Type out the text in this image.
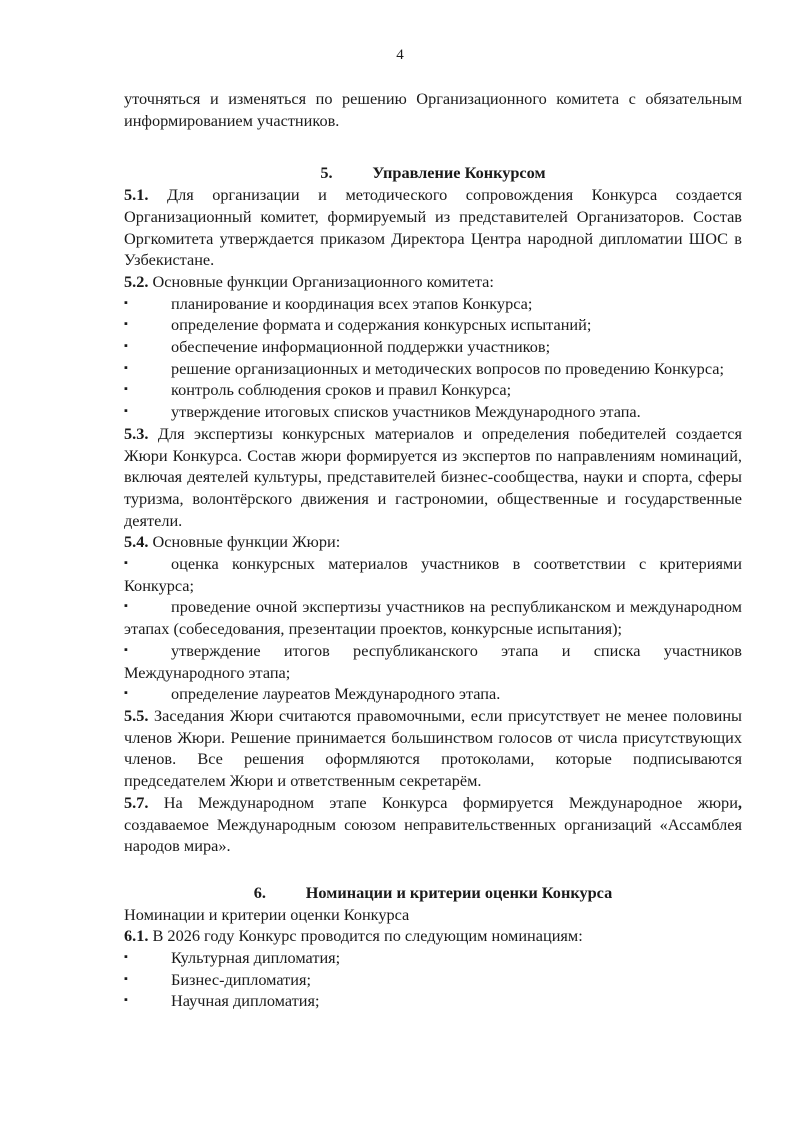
4

уточняться и изменяться по решению Организационного комитета с обязательным информированием участников.

5. Управление Конкурсом

5.1. Для организации и методического сопровождения Конкурса создается Организационный комитет, формируемый из представителей Организаторов. Состав Оргкомитета утверждается приказом Директора Центра народной дипломатии ШОС в Узбекистане.

5.2. Основные функции Организационного комитета:

▪	планирование и координация всех этапов Конкурса;

▪	определение формата и содержания конкурсных испытаний;

▪	обеспечение информационной поддержки участников;

▪	решение организационных и методических вопросов по проведению Конкурса;

▪	контроль соблюдения сроков и правил Конкурса;

▪	утверждение итоговых списков участников Международного этапа.

5.3. Для экспертизы конкурсных материалов и определения победителей создается Жюри Конкурса. Состав жюри формируется из экспертов по направлениям номинаций, включая деятелей культуры, представителей бизнес-сообщества, науки и спорта, сферы туризма, волонтёрского движения и гастрономии, общественные и государственные деятели.

5.4. Основные функции Жюри:

▪	оценка конкурсных материалов участников в соответствии с критериями Конкурса;

▪	проведение очной экспертизы участников на республиканском и международном этапах (собеседования, презентации проектов, конкурсные испытания);

▪	утверждение итогов республиканского этапа и списка участников Международного этапа;

▪	определение лауреатов Международного этапа.

5.5. Заседания Жюри считаются правомочными, если присутствует не менее половины членов Жюри. Решение принимается большинством голосов от числа присутствующих членов. Все решения оформляются протоколами, которые подписываются председателем Жюри и ответственным секретарём.

5.7. На Международном этапе Конкурса формируется Международное жюри, создаваемое Международным союзом неправительственных организаций «Ассамблея народов мира».

6. Номинации и критерии оценки Конкурса

Номинации и критерии оценки Конкурса

6.1. В 2026 году Конкурс проводится по следующим номинациям:

▪	Культурная дипломатия;

▪	Бизнес-дипломатия;

▪	Научная дипломатия;
